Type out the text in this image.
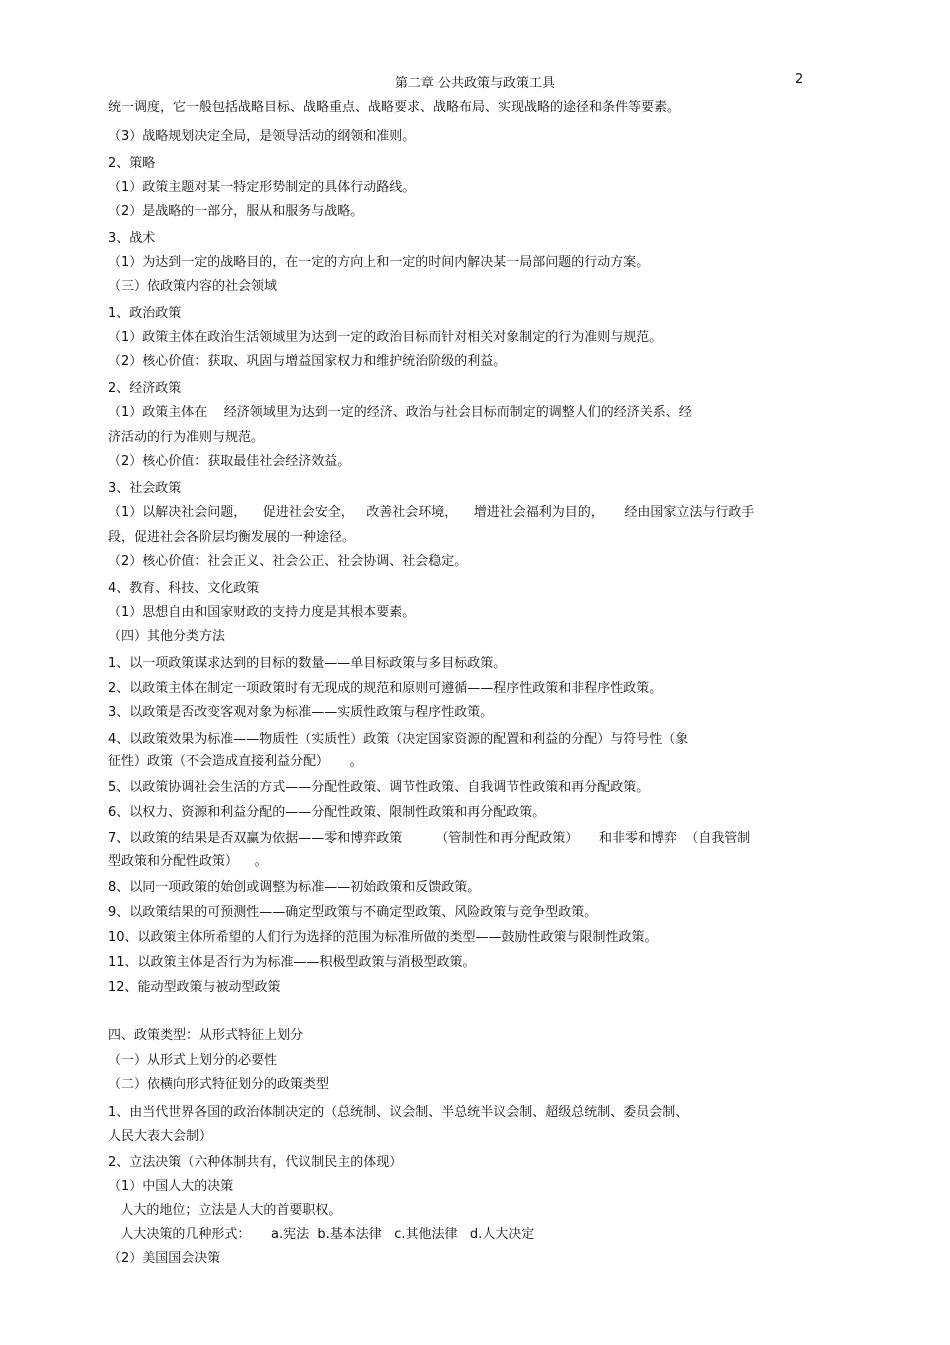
第二章 公共政策与政策工具	2
统一调度，它一般包括战略目标、战略重点、战略要求、战略布局、实现战略的途径和条件等要素。
（3）战略规划决定全局，是领导活动的纲领和准则。
2、策略
（1）政策主题对某一特定形势制定的具体行动路线。
（2）是战略的一部分，服从和服务与战略。
3、战术
（1）为达到一定的战略目的，在一定的方向上和一定的时间内解决某一局部问题的行动方案。
（三）依政策内容的社会领域
1、政治政策
（1）政策主体在政治生活领域里为达到一定的政治目标而针对相关对象制定的行为准则与规范。
（2）核心价值：获取、巩固与增益国家权力和维护统治阶级的利益。
2、经济政策
（1）政策主体在    经济领域里为达到一定的经济、政治与社会目标而制定的调整人们的经济关系、经
济活动的行为准则与规范。
（2）核心价值：获取最佳社会经济效益。
3、社会政策
（1）以解决社会问题，    促进社会安全，   改善社会环境，    增进社会福利为目的，     经由国家立法与行政手
段，促进社会各阶层均衡发展的一种途径。
（2）核心价值：社会正义、社会公正、社会协调、社会稳定。
4、教育、科技、文化政策
（1）思想自由和国家财政的支持力度是其根本要素。
（四）其他分类方法
1、以一项政策谋求达到的目标的数量——单目标政策与多目标政策。
2、以政策主体在制定一项政策时有无现成的规范和原则可遵循——程序性政策和非程序性政策。
3、以政策是否改变客观对象为标准——实质性政策与程序性政策。
4、以政策效果为标准——物质性（实质性）政策（决定国家资源的配置和利益的分配）与符号性（象
征性）政策（不会造成直接利益分配）     。
5、以政策协调社会生活的方式——分配性政策、调节性政策、自我调节性政策和再分配政策。
6、以权力、资源和利益分配的——分配性政策、限制性政策和再分配政策。
7、以政策的结果是否双赢为依据——零和博弈政策        （管制性和再分配政策）     和非零和博弈  （自我管制
型政策和分配性政策）    。
8、以同一项政策的始创或调整为标准——初始政策和反馈政策。
9、以政策结果的可预测性——确定型政策与不确定型政策、风险政策与竞争型政策。
10、以政策主体所希望的人们行为选择的范围为标准所做的类型——鼓励性政策与限制性政策。
11、以政策主体是否行为为标准——积极型政策与消极型政策。
12、能动型政策与被动型政策
四、政策类型：从形式特征上划分
（一）从形式上划分的必要性
（二）依横向形式特征划分的政策类型
1、由当代世界各国的政治体制决定的（总统制、议会制、半总统半议会制、超级总统制、委员会制、
人民大表大会制）
2、立法决策（六种体制共有，代议制民主的体现）
（1）中国人大的决策
人大的地位；立法是人大的首要职权。
人大决策的几种形式：     a.宪法  b.基本法律   c.其他法律   d.人大决定
（2）美国国会决策
